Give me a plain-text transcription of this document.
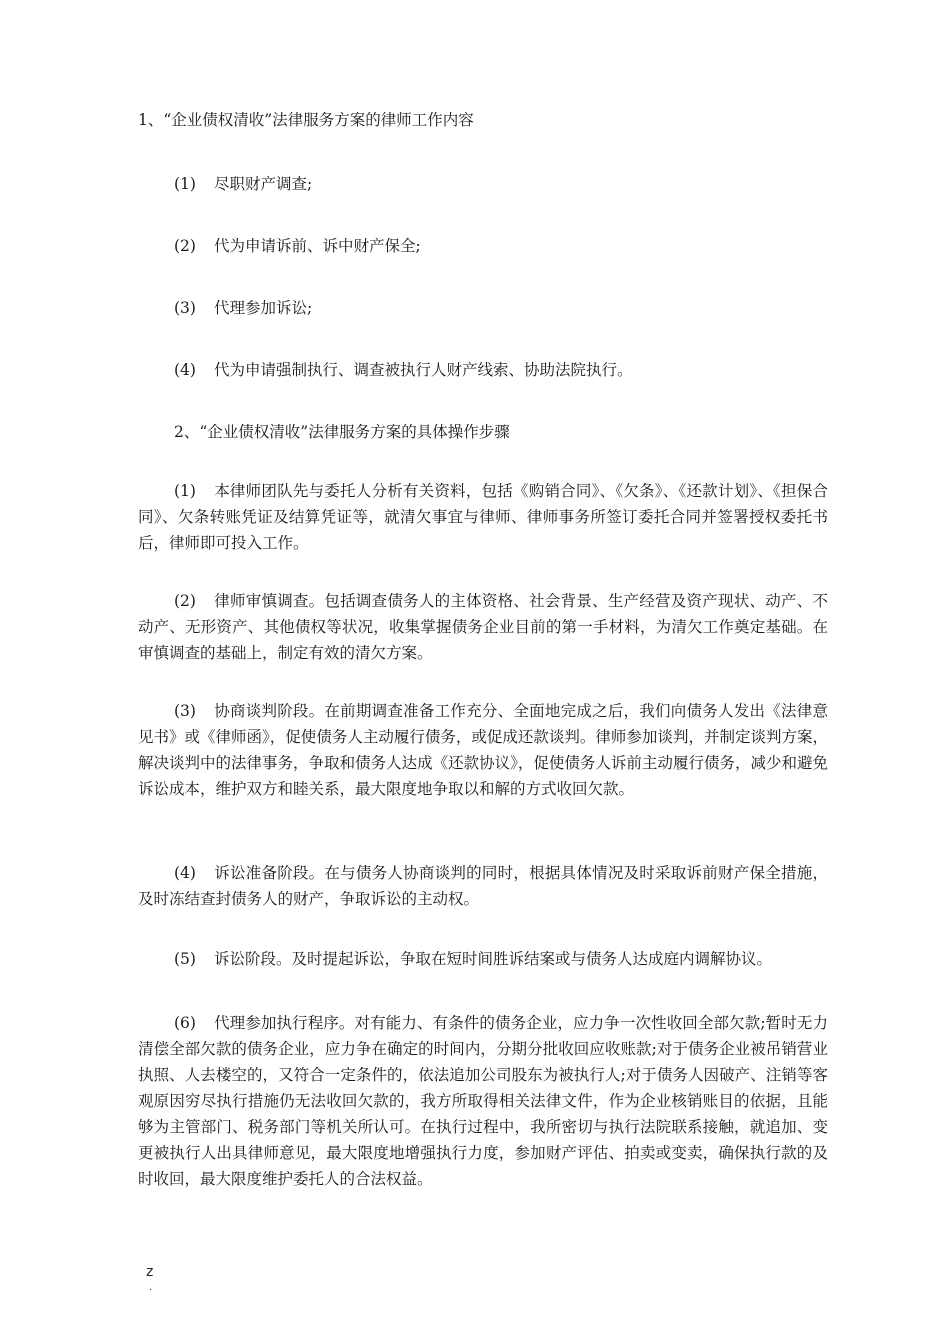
1、“企业债权清收”法律服务方案的律师工作内容
(1) 尽职财产调查;
(2) 代为申请诉前、诉中财产保全;
(3) 代理参加诉讼;
(4) 代为申请强制执行、调查被执行人财产线索、协助法院执行。
2、“企业债权清收”法律服务方案的具体操作步骤
(1) 本律师团队先与委托人分析有关资料，包括《购销合同》、《欠条》、《还款计划》、《担保合同》、欠条转账凭证及结算凭证等，就清欠事宜与律师、律师事务所签订委托合同并签署授权委托书后，律师即可投入工作。
(2) 律师审慎调查。包括调查债务人的主体资格、社会背景、生产经营及资产现状、动产、不动产、无形资产、其他债权等状况，收集掌握债务企业目前的第一手材料，为清欠工作奠定基础。在审慎调查的基础上，制定有效的清欠方案。
(3) 协商谈判阶段。在前期调查准备工作充分、全面地完成之后，我们向债务人发出《法律意见书》或《律师函》，促使债务人主动履行债务，或促成还款谈判。律师参加谈判，并制定谈判方案，解决谈判中的法律事务，争取和债务人达成《还款协议》，促使债务人诉前主动履行债务，减少和避免诉讼成本，维护双方和睦关系，最大限度地争取以和解的方式收回欠款。
(4) 诉讼准备阶段。在与债务人协商谈判的同时，根据具体情况及时采取诉前财产保全措施，及时冻结查封债务人的财产，争取诉讼的主动权。
(5) 诉讼阶段。及时提起诉讼，争取在短时间胜诉结案或与债务人达成庭内调解协议。
(6) 代理参加执行程序。对有能力、有条件的债务企业，应力争一次性收回全部欠款;暂时无力清偿全部欠款的债务企业，应力争在确定的时间内，分期分批收回应收账款;对于债务企业被吊销营业执照、人去楼空的，又符合一定条件的，依法追加公司股东为被执行人;对于债务人因破产、注销等客观原因穷尽执行措施仍无法收回欠款的，我方所取得相关法律文件，作为企业核销账目的依据，且能够为主管部门、税务部门等机关所认可。在执行过程中，我所密切与执行法院联系接触，就追加、变更被执行人出具律师意见，最大限度地增强执行力度，参加财产评估、拍卖或变卖，确保执行款的及时收回，最大限度维护委托人的合法权益。
z
.
